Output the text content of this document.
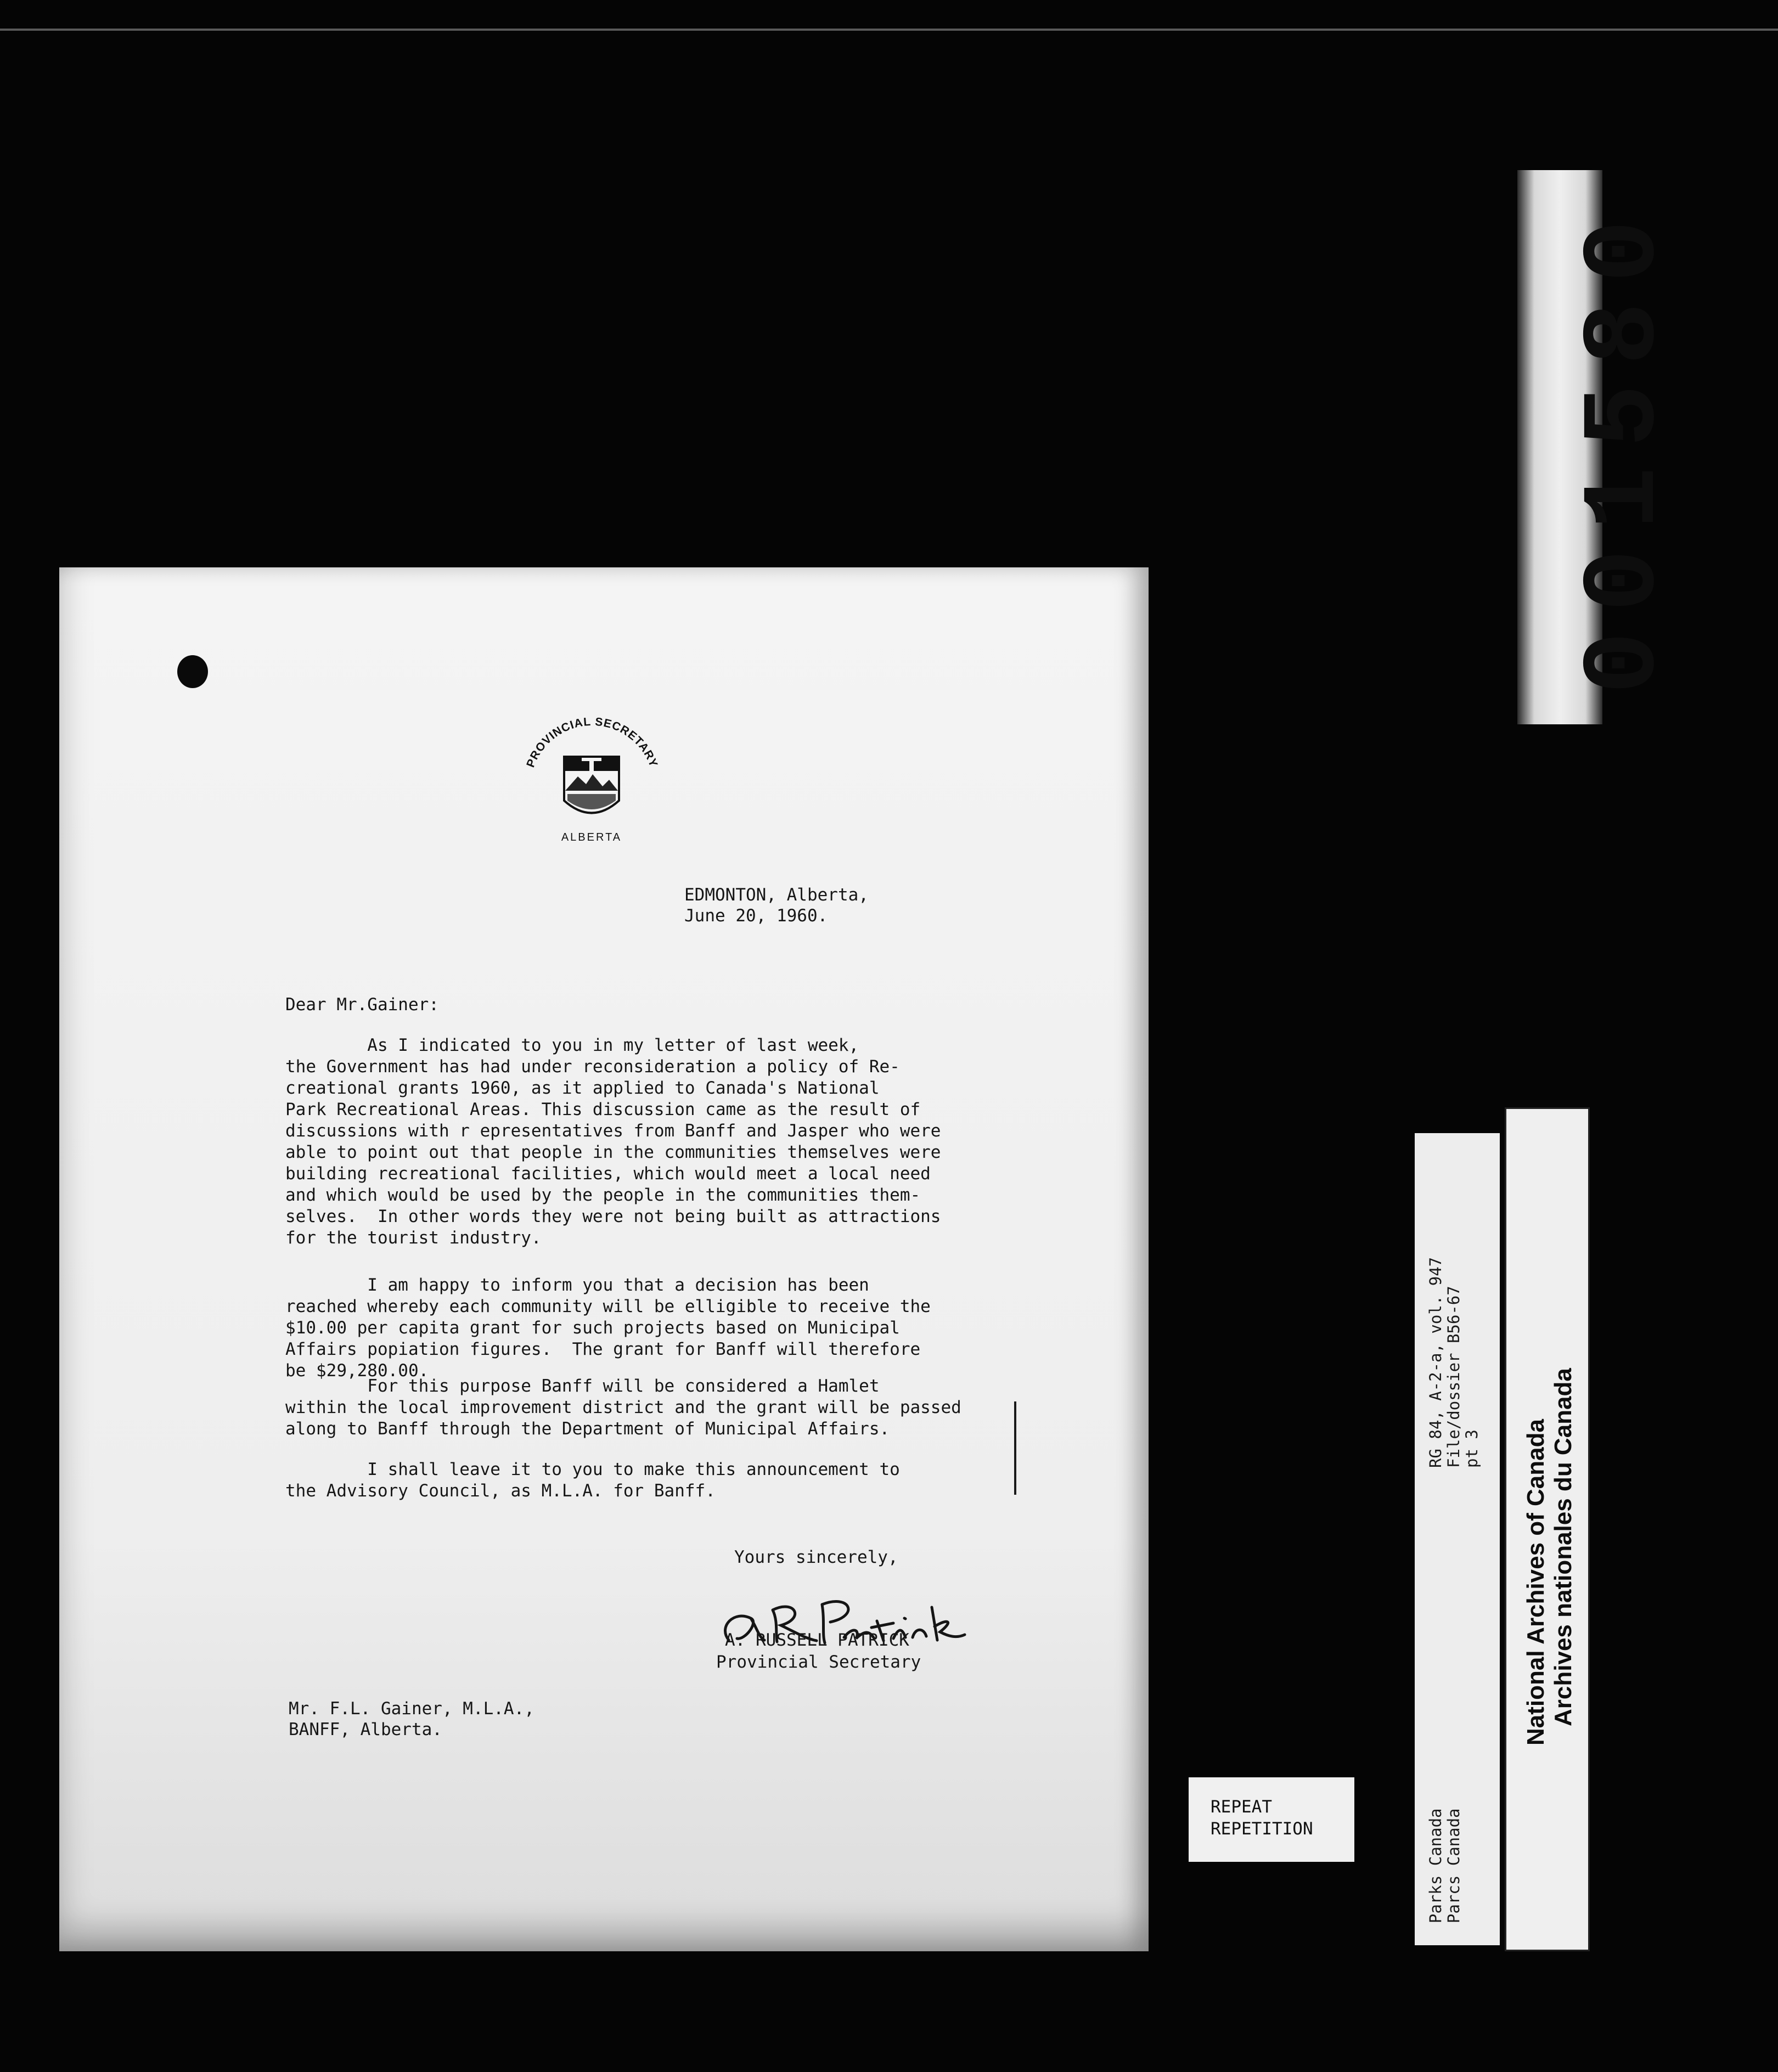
PROVINCIAL SECRETARY
ALBERTA
EDMONTON, Alberta,
June 20, 1960.
Dear Mr.Gainer:
As I indicated to you in my letter of last week,
the Government has had under reconsideration a policy of Re-
creational grants 1960, as it applied to Canada's National
Park Recreational Areas. This discussion came as the result of
discussions with r epresentatives from Banff and Jasper who were
able to point out that people in the communities themselves were
building recreational facilities, which would meet a local need
and which would be used by the people in the communities them-
selves.  In other words they were not being built as attractions
for the tourist industry.
I am happy to inform you that a decision has been
reached whereby each community will be elligible to receive the
$10.00 per capita grant for such projects based on Municipal
Affairs popiation figures.  The grant for Banff will therefore
be $29,280.00.
For this purpose Banff will be considered a Hamlet
within the local improvement district and the grant will be passed
along to Banff through the Department of Municipal Affairs.
I shall leave it to you to make this announcement to
the Advisory Council, as M.L.A. for Banff.
Yours sincerely,
A. RUSSELL PATRICK
Provincial Secretary
Mr. F.L. Gainer, M.L.A.,
BANFF, Alberta.
001580
REPEAT
REPETITION
RG 84, A-2-a, vol. 947
File/dossier B56-67
pt 3
Parks Canada
Parcs Canada
National Archives of Canada Archives nationales du Canada
